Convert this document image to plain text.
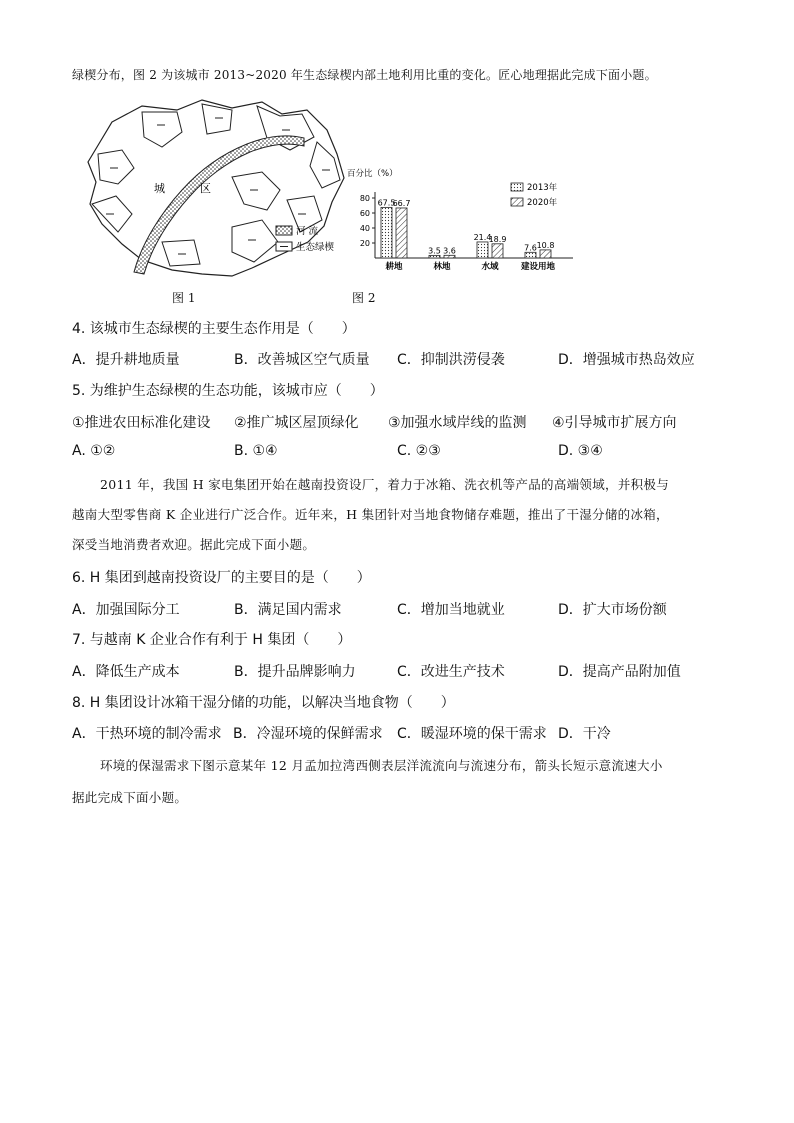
绿楔分布，图 2 为该城市 2013~2020 年生态绿楔内部土地利用比重的变化。匠心地理据此完成下面小题。
城	区
河 流
生态绿楔
图 1
百分比（%）
80
60
40
20
67.5
66.7
耕地
3.5 3.6
林地
21.4
18.9
水域
7.6 10.8
建设用地
2013年
2020年
图 2
4. 该城市生态绿楔的主要生态作用是（　　）
A．提升耕地质量	B．改善城区空气质量 C．抑制洪涝侵袭	D．增强城市热岛效应
5. 为维护生态绿楔的生态功能，该城市应（　　）
①推进农田标准化建设 ②推广城区屋顶绿化 ③加强水域岸线的监测 ④引导城市扩展方向
A. ①②	B. ①④	C. ②③	D. ③④
2011 年，我国 H 家电集团开始在越南投资设厂，着力于冰箱、洗衣机等产品的高端领域，并积极与
越南大型零售商 K 企业进行广泛合作。近年来，H 集团针对当地食物储存难题，推出了干湿分储的冰箱，
深受当地消费者欢迎。据此完成下面小题。
6. H 集团到越南投资设厂的主要目的是（　　）
A．加强国际分工	B．满足国内需求	C．增加当地就业	D．扩大市场份额
7. 与越南 K 企业合作有利于 H 集团（　　）
A．降低生产成本	B．提升品牌影响力	C．改进生产技术	D．提高产品附加值
8. H 集团设计冰箱干湿分储的功能，以解决当地食物（　　）
A．干热环境的制冷需求 B．冷湿环境的保鲜需求 C．暖湿环境的保干需求 D．干冷
环境的保湿需求下图示意某年 12 月孟加拉湾西侧表层洋流流向与流速分布，箭头长短示意流速大小
据此完成下面小题。
